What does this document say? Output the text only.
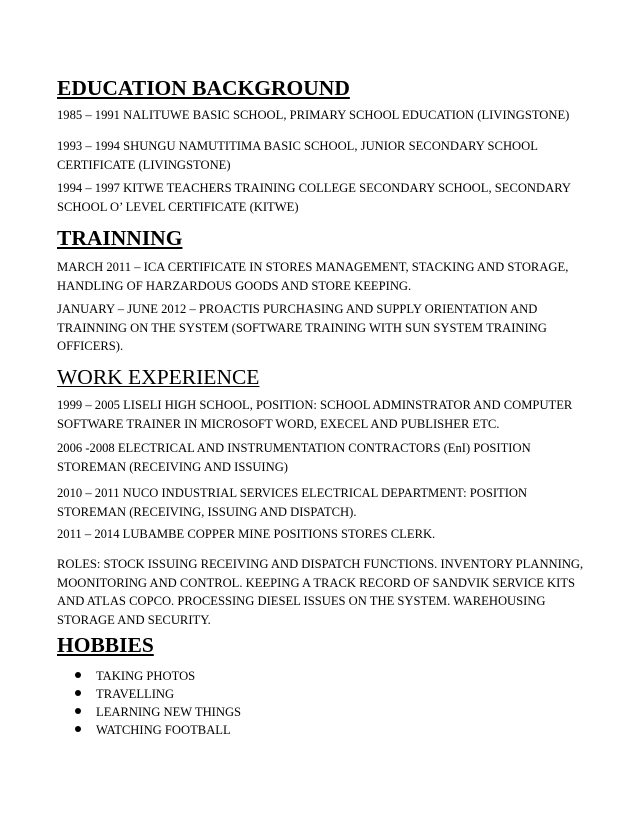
EDUCATION BACKGROUND

1985 – 1991 NALITUWE BASIC SCHOOL, PRIMARY SCHOOL EDUCATION (LIVINGSTONE)

1993 – 1994 SHUNGU NAMUTITIMA BASIC SCHOOL, JUNIOR SECONDARY SCHOOL
CERTIFICATE (LIVINGSTONE)

1994 – 1997 KITWE TEACHERS TRAINING COLLEGE SECONDARY SCHOOL, SECONDARY
SCHOOL O’ LEVEL CERTIFICATE (KITWE)

TRAINNING

MARCH 2011 – ICA CERTIFICATE IN STORES MANAGEMENT, STACKING AND STORAGE,
HANDLING OF HARZARDOUS GOODS AND STORE KEEPING.

JANUARY – JUNE 2012 – PROACTIS PURCHASING AND SUPPLY ORIENTATION AND
TRAINNING ON THE SYSTEM (SOFTWARE TRAINING WITH SUN SYSTEM TRAINING
OFFICERS).

WORK EXPERIENCE

1999 – 2005 LISELI HIGH SCHOOL, POSITION: SCHOOL ADMINSTRATOR AND COMPUTER
SOFTWARE TRAINER IN MICROSOFT WORD, EXECEL AND PUBLISHER ETC.

2006 -2008 ELECTRICAL AND INSTRUMENTATION CONTRACTORS (EnI) POSITION
STOREMAN (RECEIVING AND ISSUING)

2010 – 2011 NUCO INDUSTRIAL SERVICES ELECTRICAL DEPARTMENT: POSITION
STOREMAN (RECEIVING, ISSUING AND DISPATCH).

2011 – 2014 LUBAMBE COPPER MINE POSITIONS STORES CLERK.

ROLES: STOCK ISSUING RECEIVING AND DISPATCH FUNCTIONS. INVENTORY PLANNING,
MOONITORING AND CONTROL. KEEPING A TRACK RECORD OF SANDVIK SERVICE KITS
AND ATLAS COPCO. PROCESSING DIESEL ISSUES ON THE SYSTEM. WAREHOUSING
STORAGE AND SECURITY.

HOBBIES
TAKING PHOTOS
TRAVELLING
LEARNING NEW THINGS
WATCHING FOOTBALL
